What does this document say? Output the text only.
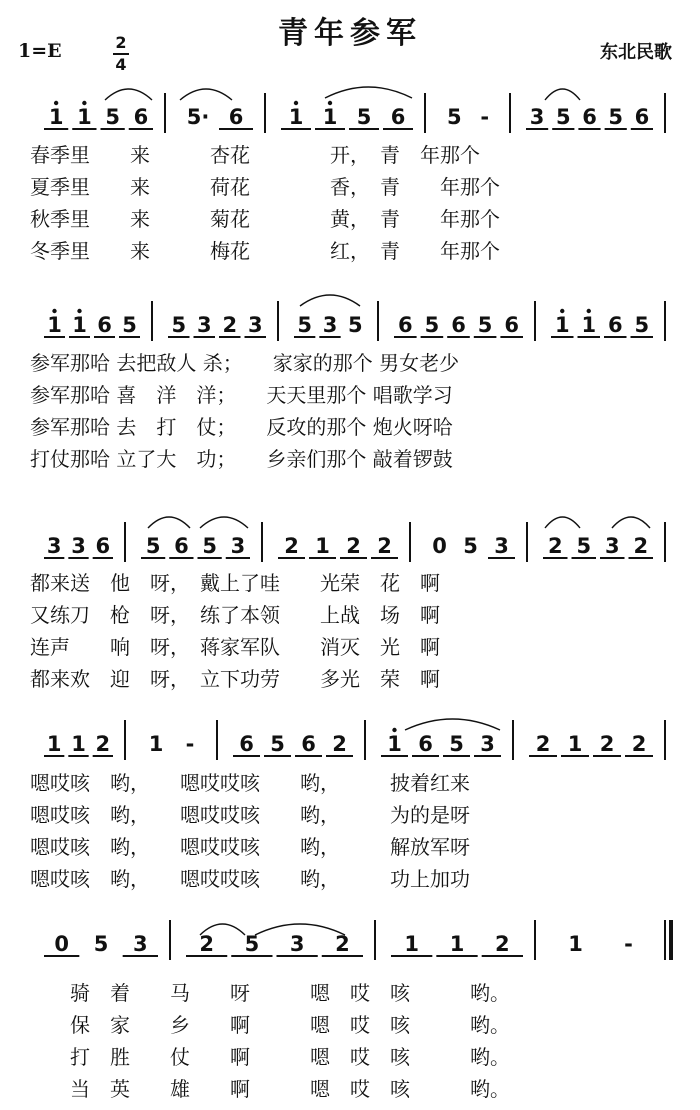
青年参军
1=E	2
4
东北民歌
1 1 5 6 5· 6 1 1 5 6 5 - 3 5 6 5 6
春季里　　来　　　杏花　　　　开，　青　年那个
夏季里　　来　　　荷花　　　　香，　青　　年那个
秋季里　　来　　　菊花　　　　黄，　青　　年那个
冬季里　　来　　　梅花　　　　红，　青　　年那个
1 1 6 5 5 3 2 3 5 3 5 6 5 6 5 6 1 1 6 5
参军那哈 去把敌人 杀；　　家家的那个 男女老少
参军那哈 喜　洋　洋；　　天天里那个 唱歌学习
参军那哈 去　打　仗；　　反攻的那个 炮火呀哈
打仗那哈 立了大　功；　　乡亲们那个 敲着锣鼓
3 3 6 5 6 5 3 2 1 2 2 0 5 3 2 5 3 2
都来送　他　呀，　戴上了哇　　光荣　花　啊
又练刀　枪　呀，　练了本领　　上战　场　啊
连声　　响　呀，　蒋家军队　　消灭　光　啊
都来欢　迎　呀，　立下功劳　　多光　荣　啊
1 1 2 1 - 6 5 6 2 1 6 5 3 2 1 2 2
嗯哎咳　哟，　　嗯哎哎咳　　哟，　　　披着红来
嗯哎咳　哟，　　嗯哎哎咳　　哟，　　　为的是呀
嗯哎咳　哟，　　嗯哎哎咳　　哟，　　　解放军呀
嗯哎咳　哟，　　嗯哎哎咳　　哟，　　　功上加功
0 5 3 2 5 3 2	1 1 2	1 -
骑　着　　马　　呀　　　嗯　哎　咳　　　哟。
保　家　　乡　　啊　　　嗯　哎　咳　　　哟。
打　胜　　仗　　啊　　　嗯　哎　咳　　　哟。
当　英　　雄　　啊　　　嗯　哎　咳　　　哟。
